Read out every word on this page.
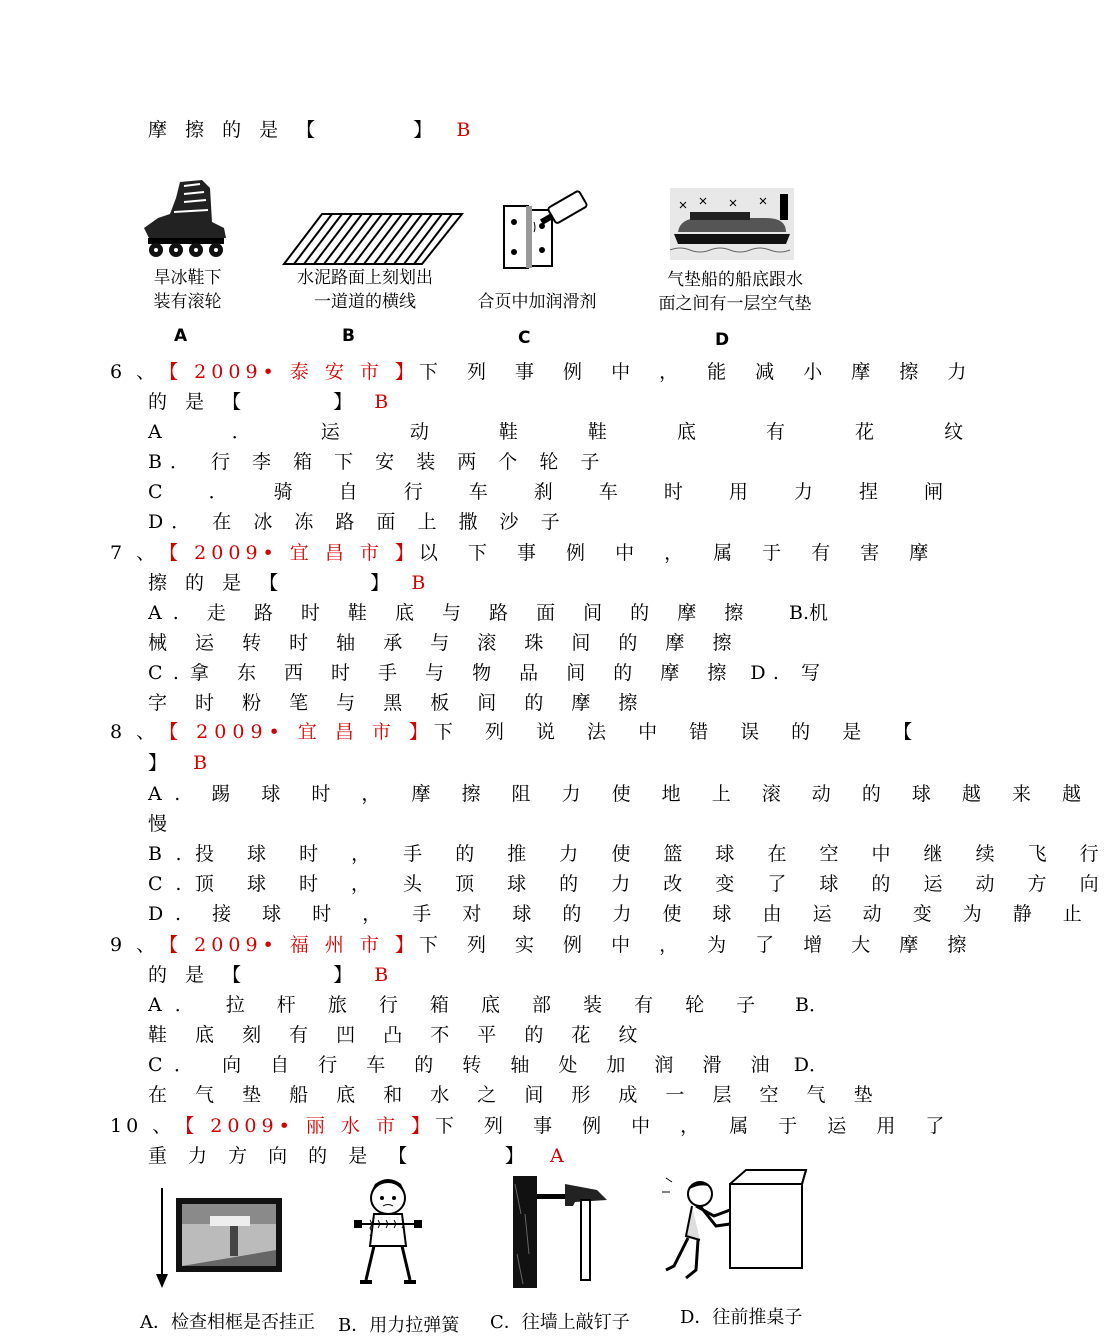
摩 擦 的 是 【	】 B
旱冰鞋下
装有滚轮
A
水泥路面上刻划出
一道道的横线
B
合页中加润滑剂
C
气垫船的船底跟水
面之间有一层空气垫
D
6 、 【 2009• 泰 安 市 】 下 列 事 例 中 ， 能 减 小 摩 擦 力
的 是 【	】 B
A ． 运 动 鞋 鞋 底 有 花 纹
B． 行 李 箱 下 安 装 两 个 轮 子
C ． 骑 自 行 车 刹 车 时 用 力 捏 闸
D． 在 冰 冻 路 面 上 撒 沙 子
7 、 【 2009• 宜 昌 市 】 以 下 事 例 中 ， 属 于 有 害 摩
擦 的 是 【	】 B
A. 走 路 时 鞋 底 与 路 面 间 的 摩 擦 B.机
械 运 转 时 轴 承 与 滚 珠 间 的 摩 擦
C.拿 东 西 时 手 与 物 品 间 的 摩 擦 D. 写
字 时 粉 笔 与 黑 板 间 的 摩 擦
8 、 【 2009• 宜 昌 市 】 下 列 说 法 中 错 误 的 是 【
】 B
A. 踢 球 时 ， 摩 擦 阻 力 使 地 上 滚 动 的 球 越 来 越
慢
B.投 球 时 ， 手 的 推 力 使 篮 球 在 空 中 继 续 飞 行
C.顶 球 时 ， 头 顶 球 的 力 改 变 了 球 的 运 动 方 向
D. 接 球 时 ， 手 对 球 的 力 使 球 由 运 动 变 为 静 止
9 、 【 2009• 福 州 市 】 下 列 实 例 中 ， 为 了 增 大 摩 擦
的 是 【	】 B
A． 拉 杆 旅 行 箱 底 部 装 有 轮 子 B．
鞋 底 刻 有 凹 凸 不 平 的 花 纹
C． 向 自 行 车 的 转 轴 处 加 润 滑 油 D．
在 气 垫 船 底 和 水 之 间 形 成 一 层 空 气 垫
10 、 【 2009• 丽 水 市 】 下 列 事 例 中 ， 属 于 运 用 了
重 力 方 向 的 是 【	】 A
A．检查相框是否挂正	B．用力拉弹簧 C．往墙上敲钉子	D．往前推桌子
